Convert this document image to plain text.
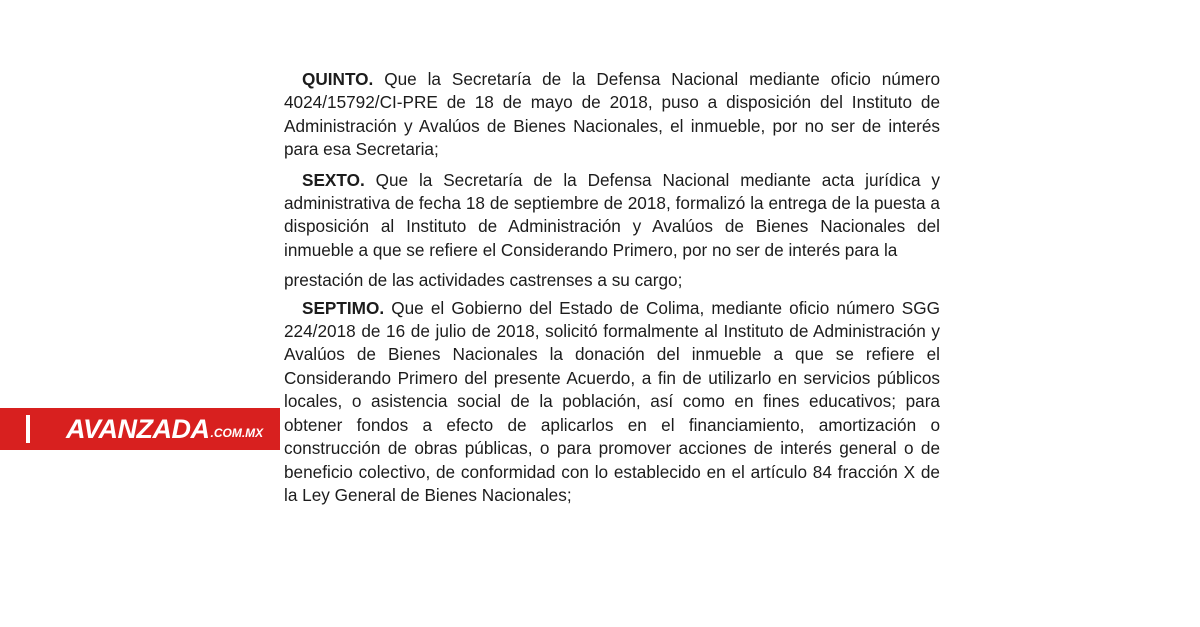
QUINTO. Que la Secretaría de la Defensa Nacional mediante oficio número 4024/15792/CI-PRE de 18 de mayo de 2018, puso a disposición del Instituto de Administración y Avalúos de Bienes Nacionales, el inmueble, por no ser de interés para esa Secretaria;

SEXTO. Que la Secretaría de la Defensa Nacional mediante acta jurídica y administrativa de fecha 18 de septiembre de 2018, formalizó la entrega de la puesta a disposición al Instituto de Administración y Avalúos de Bienes Nacionales del inmueble a que se refiere el Considerando Primero, por no ser de interés para la

prestación de las actividades castrenses a su cargo;

SEPTIMO. Que el Gobierno del Estado de Colima, mediante oficio número SGG 224/2018 de 16 de julio de 2018, solicitó formalmente al Instituto de Administración y Avalúos de Bienes Nacionales la donación del inmueble a que se refiere el Considerando Primero del presente Acuerdo, a fin de utilizarlo en servicios públicos locales, o asistencia social de la población, así como en fines educativos; para obtener fondos a efecto de aplicarlos en el financiamiento, amortización o construcción de obras públicas, o para promover acciones de interés general o de beneficio colectivo, de conformidad con lo establecido en el artículo 84 fracción X de la Ley General de Bienes Nacionales;

AVANZADA .COM.MX
